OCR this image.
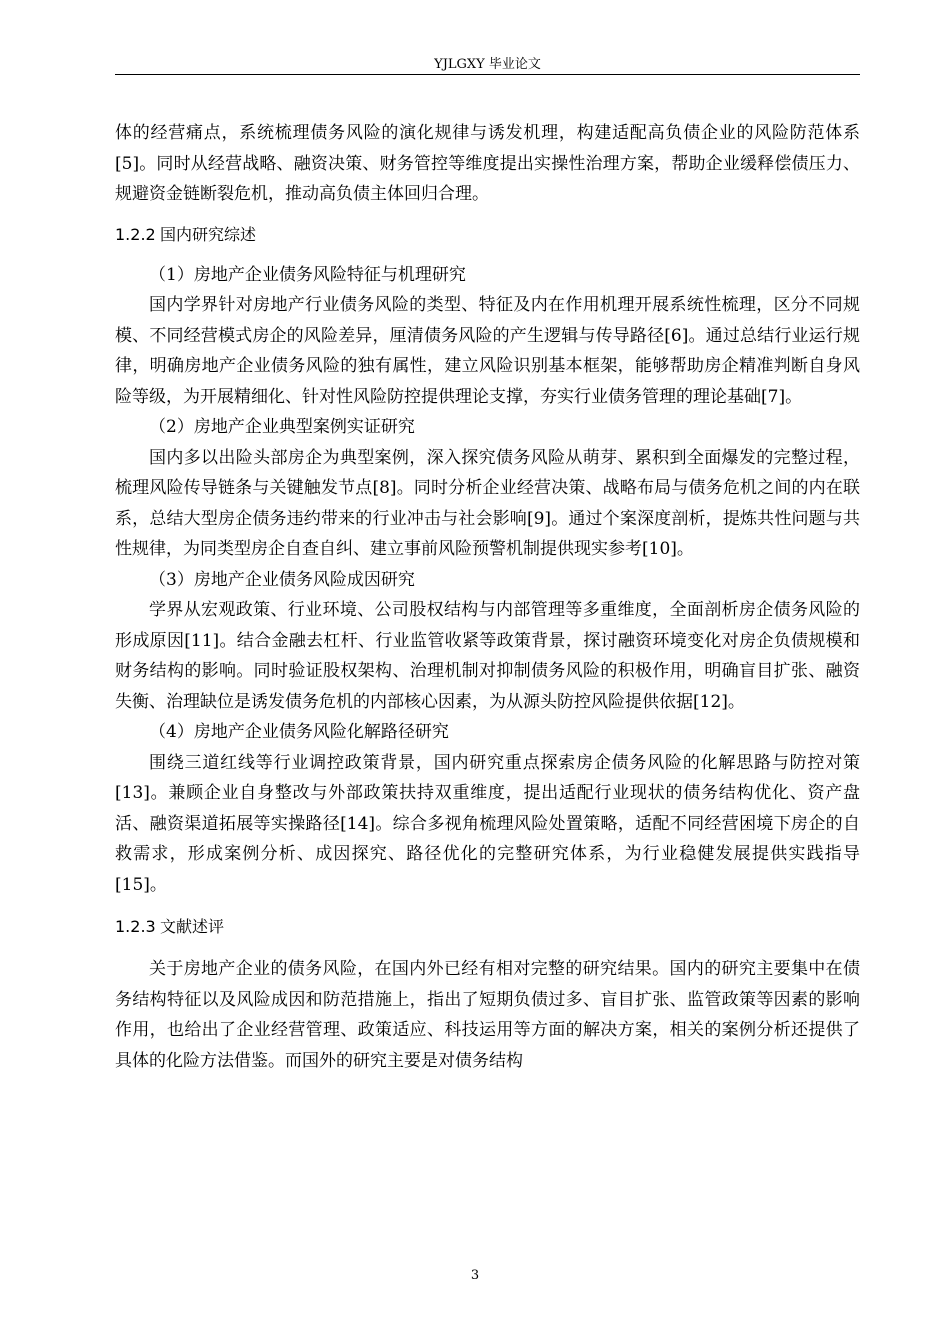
YJLGXY 毕业论文

体的经营痛点，系统梳理债务风险的演化规律与诱发机理，构建适配高负债企业的风险防范体系[5]。同时从经营战略、融资决策、财务管控等维度提出实操性治理方案，帮助企业缓释偿债压力、规避资金链断裂危机，推动高负债主体回归合理。

1.2.2 国内研究综述

（1）房地产企业债务风险特征与机理研究

国内学界针对房地产行业债务风险的类型、特征及内在作用机理开展系统性梳理，区分不同规模、不同经营模式房企的风险差异，厘清债务风险的产生逻辑与传导路径[6]。通过总结行业运行规律，明确房地产企业债务风险的独有属性，建立风险识别基本框架，能够帮助房企精准判断自身风险等级，为开展精细化、针对性风险防控提供理论支撑，夯实行业债务管理的理论基础[7]。

（2）房地产企业典型案例实证研究

国内多以出险头部房企为典型案例，深入探究债务风险从萌芽、累积到全面爆发的完整过程，梳理风险传导链条与关键触发节点[8]。同时分析企业经营决策、战略布局与债务危机之间的内在联系，总结大型房企债务违约带来的行业冲击与社会影响[9]。通过个案深度剖析，提炼共性问题与共性规律，为同类型房企自查自纠、建立事前风险预警机制提供现实参考[10]。

（3）房地产企业债务风险成因研究

学界从宏观政策、行业环境、公司股权结构与内部管理等多重维度，全面剖析房企债务风险的形成原因[11]。结合金融去杠杆、行业监管收紧等政策背景，探讨融资环境变化对房企负债规模和财务结构的影响。同时验证股权架构、治理机制对抑制债务风险的积极作用，明确盲目扩张、融资失衡、治理缺位是诱发债务危机的内部核心因素，为从源头防控风险提供依据[12]。

（4）房地产企业债务风险化解路径研究

围绕三道红线等行业调控政策背景，国内研究重点探索房企债务风险的化解思路与防控对策[13]。兼顾企业自身整改与外部政策扶持双重维度，提出适配行业现状的债务结构优化、资产盘活、融资渠道拓展等实操路径[14]。综合多视角梳理风险处置策略，适配不同经营困境下房企的自救需求，形成案例分析、成因探究、路径优化的完整研究体系，为行业稳健发展提供实践指导[15]。

1.2.3 文献述评

关于房地产企业的债务风险，在国内外已经有相对完整的研究结果。国内的研究主要集中在债务结构特征以及风险成因和防范措施上，指出了短期负债过多、盲目扩张、监管政策等因素的影响作用，也给出了企业经营管理、政策适应、科技运用等方面的解决方案，相关的案例分析还提供了具体的化险方法借鉴。而国外的研究主要是对债务结构

3
